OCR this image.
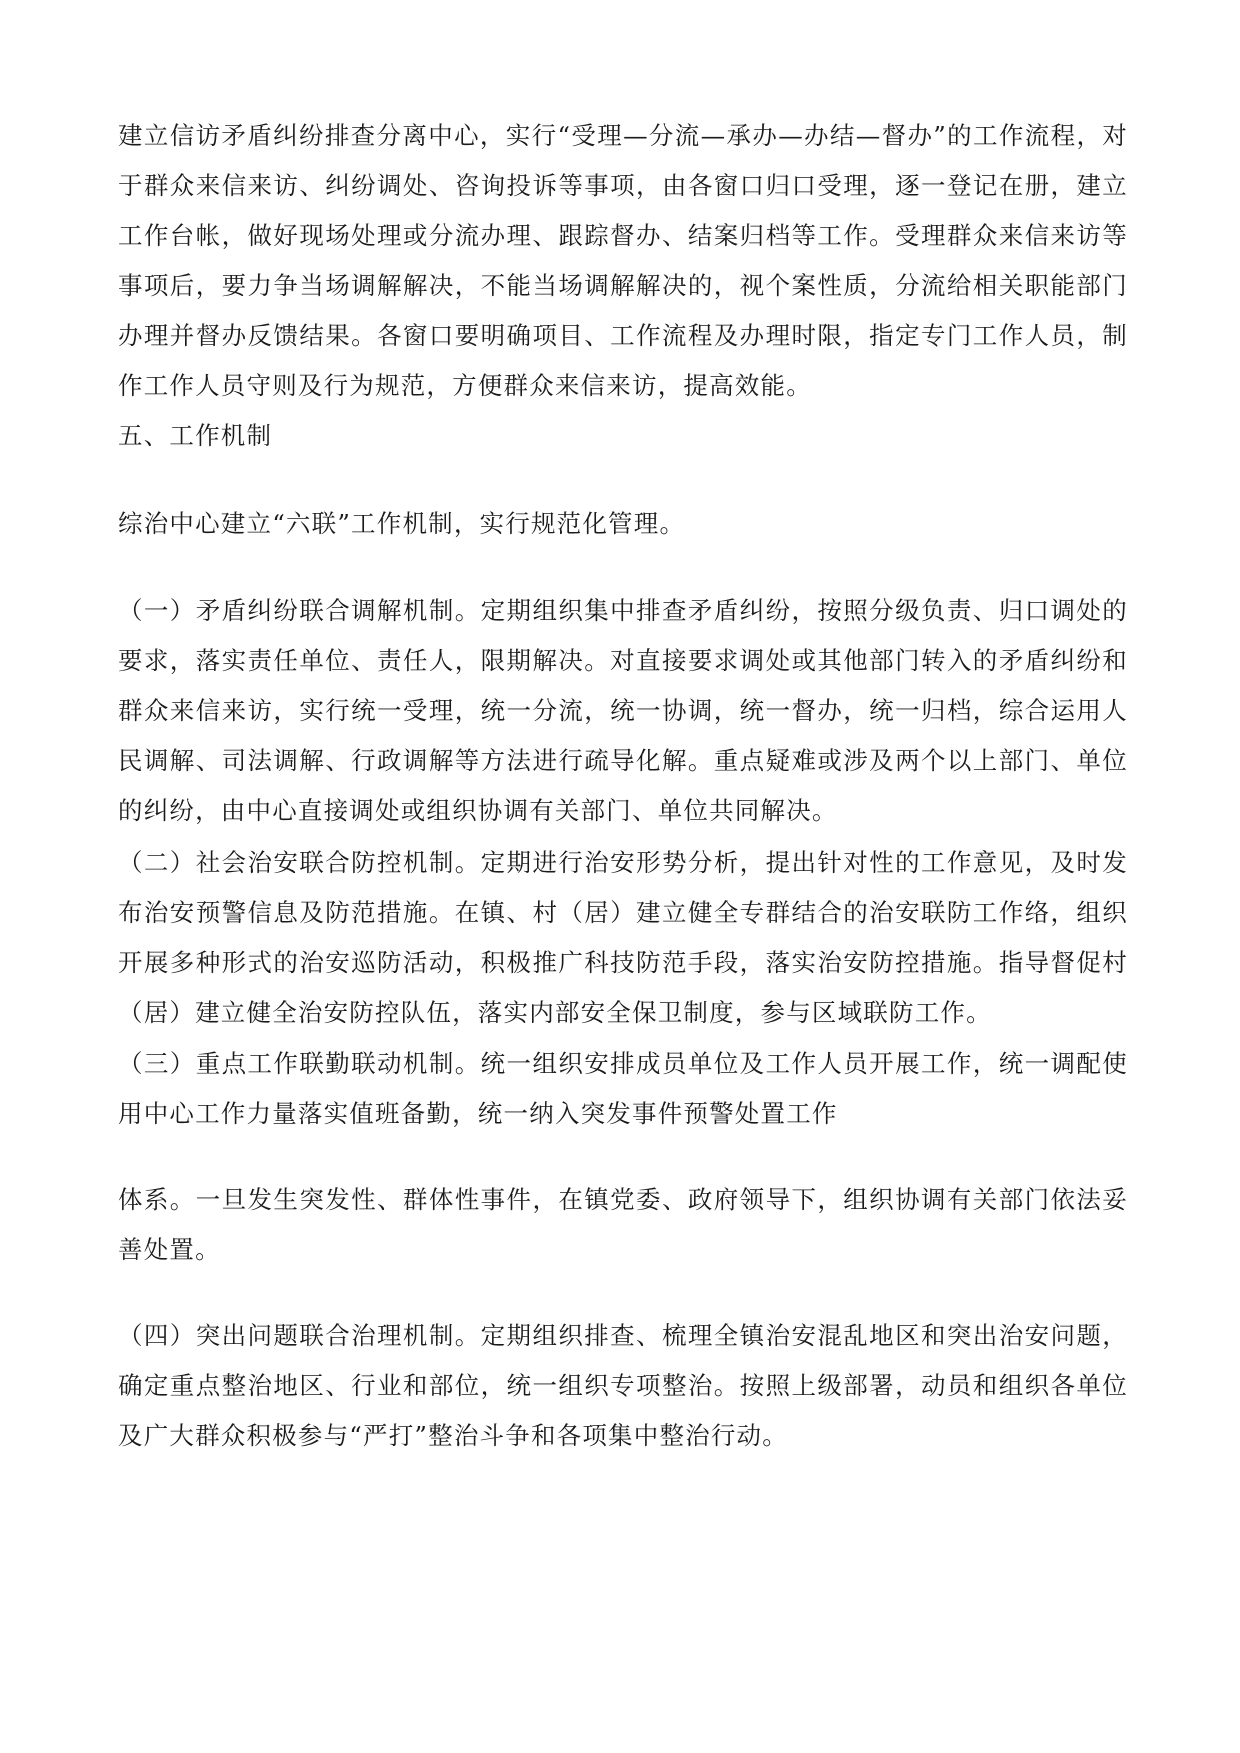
建立信访矛盾纠纷排查分离中心，实行“受理—分流—承办—办结—督办”的工作流程，对于群众来信来访、纠纷调处、咨询投诉等事项，由各窗口归口受理，逐一登记在册，建立工作台帐，做好现场处理或分流办理、跟踪督办、结案归档等工作。受理群众来信来访等事项后，要力争当场调解解决，不能当场调解解决的，视个案性质，分流给相关职能部门办理并督办反馈结果。各窗口要明确项目、工作流程及办理时限，指定专门工作人员，制作工作人员守则及行为规范，方便群众来信来访，提高效能。

五、工作机制

综治中心建立“六联”工作机制，实行规范化管理。

（一）矛盾纠纷联合调解机制。定期组织集中排查矛盾纠纷，按照分级负责、归口调处的要求，落实责任单位、责任人，限期解决。对直接要求调处或其他部门转入的矛盾纠纷和群众来信来访，实行统一受理，统一分流，统一协调，统一督办，统一归档，综合运用人民调解、司法调解、行政调解等方法进行疏导化解。重点疑难或涉及两个以上部门、单位的纠纷，由中心直接调处或组织协调有关部门、单位共同解决。

（二）社会治安联合防控机制。定期进行治安形势分析，提出针对性的工作意见，及时发布治安预警信息及防范措施。在镇、村（居）建立健全专群结合的治安联防工作络，组织开展多种形式的治安巡防活动，积极推广科技防范手段，落实治安防控措施。指导督促村（居）建立健全治安防控队伍，落实内部安全保卫制度，参与区域联防工作。

（三）重点工作联勤联动机制。统一组织安排成员单位及工作人员开展工作，统一调配使用中心工作力量落实值班备勤，统一纳入突发事件预警处置工作

体系。一旦发生突发性、群体性事件，在镇党委、政府领导下，组织协调有关部门依法妥善处置。

（四）突出问题联合治理机制。定期组织排查、梳理全镇治安混乱地区和突出治安问题，确定重点整治地区、行业和部位，统一组织专项整治。按照上级部署，动员和组织各单位及广大群众积极参与“严打”整治斗争和各项集中整治行动。
